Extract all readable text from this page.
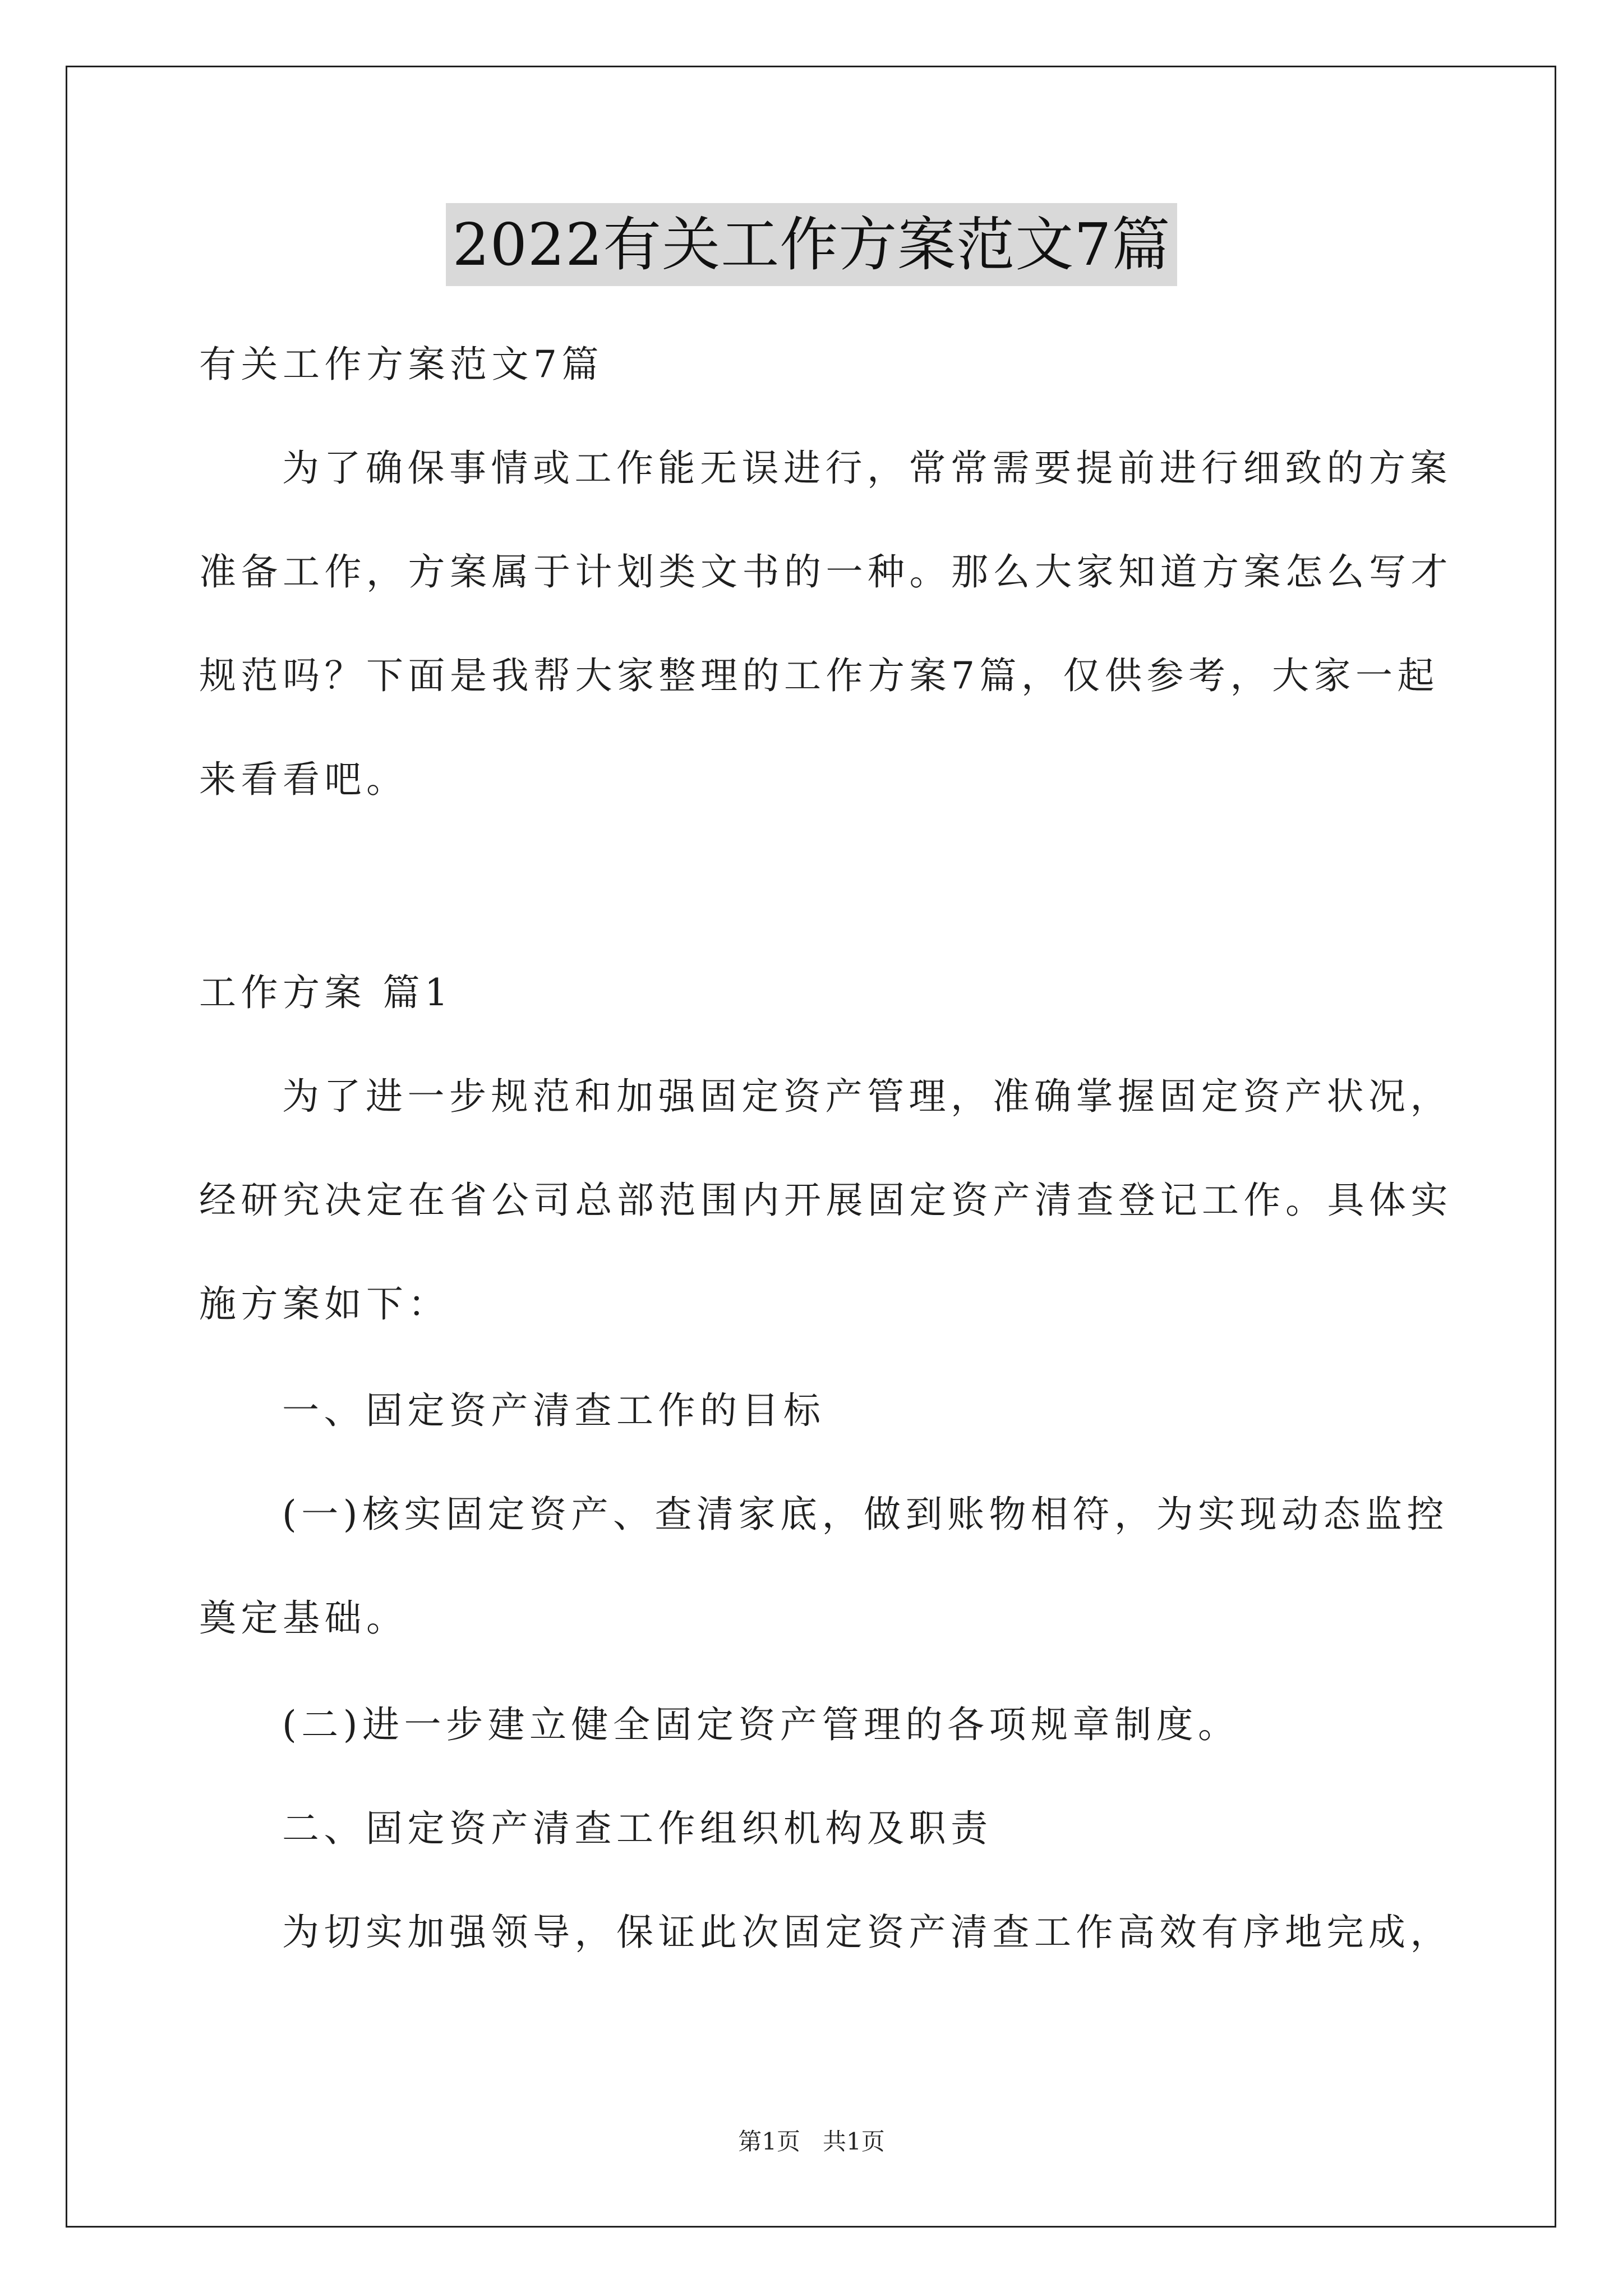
2022有关工作方案范文7篇
有关工作方案范文7篇
为了确保事情或工作能无误进行，常常需要提前进行细致的方案
准备工作，方案属于计划类文书的一种。那么大家知道方案怎么写才
规范吗？下面是我帮大家整理的工作方案7篇，仅供参考，大家一起
来看看吧。
工作方案 篇1
为了进一步规范和加强固定资产管理，准确掌握固定资产状况，
经研究决定在省公司总部范围内开展固定资产清查登记工作。具体实
施方案如下：
一、固定资产清查工作的目标
(一)核实固定资产、查清家底，做到账物相符，为实现动态监控
奠定基础。
(二)进一步建立健全固定资产管理的各项规章制度。
二、固定资产清查工作组织机构及职责
为切实加强领导，保证此次固定资产清查工作高效有序地完成，
第1页   共1页
